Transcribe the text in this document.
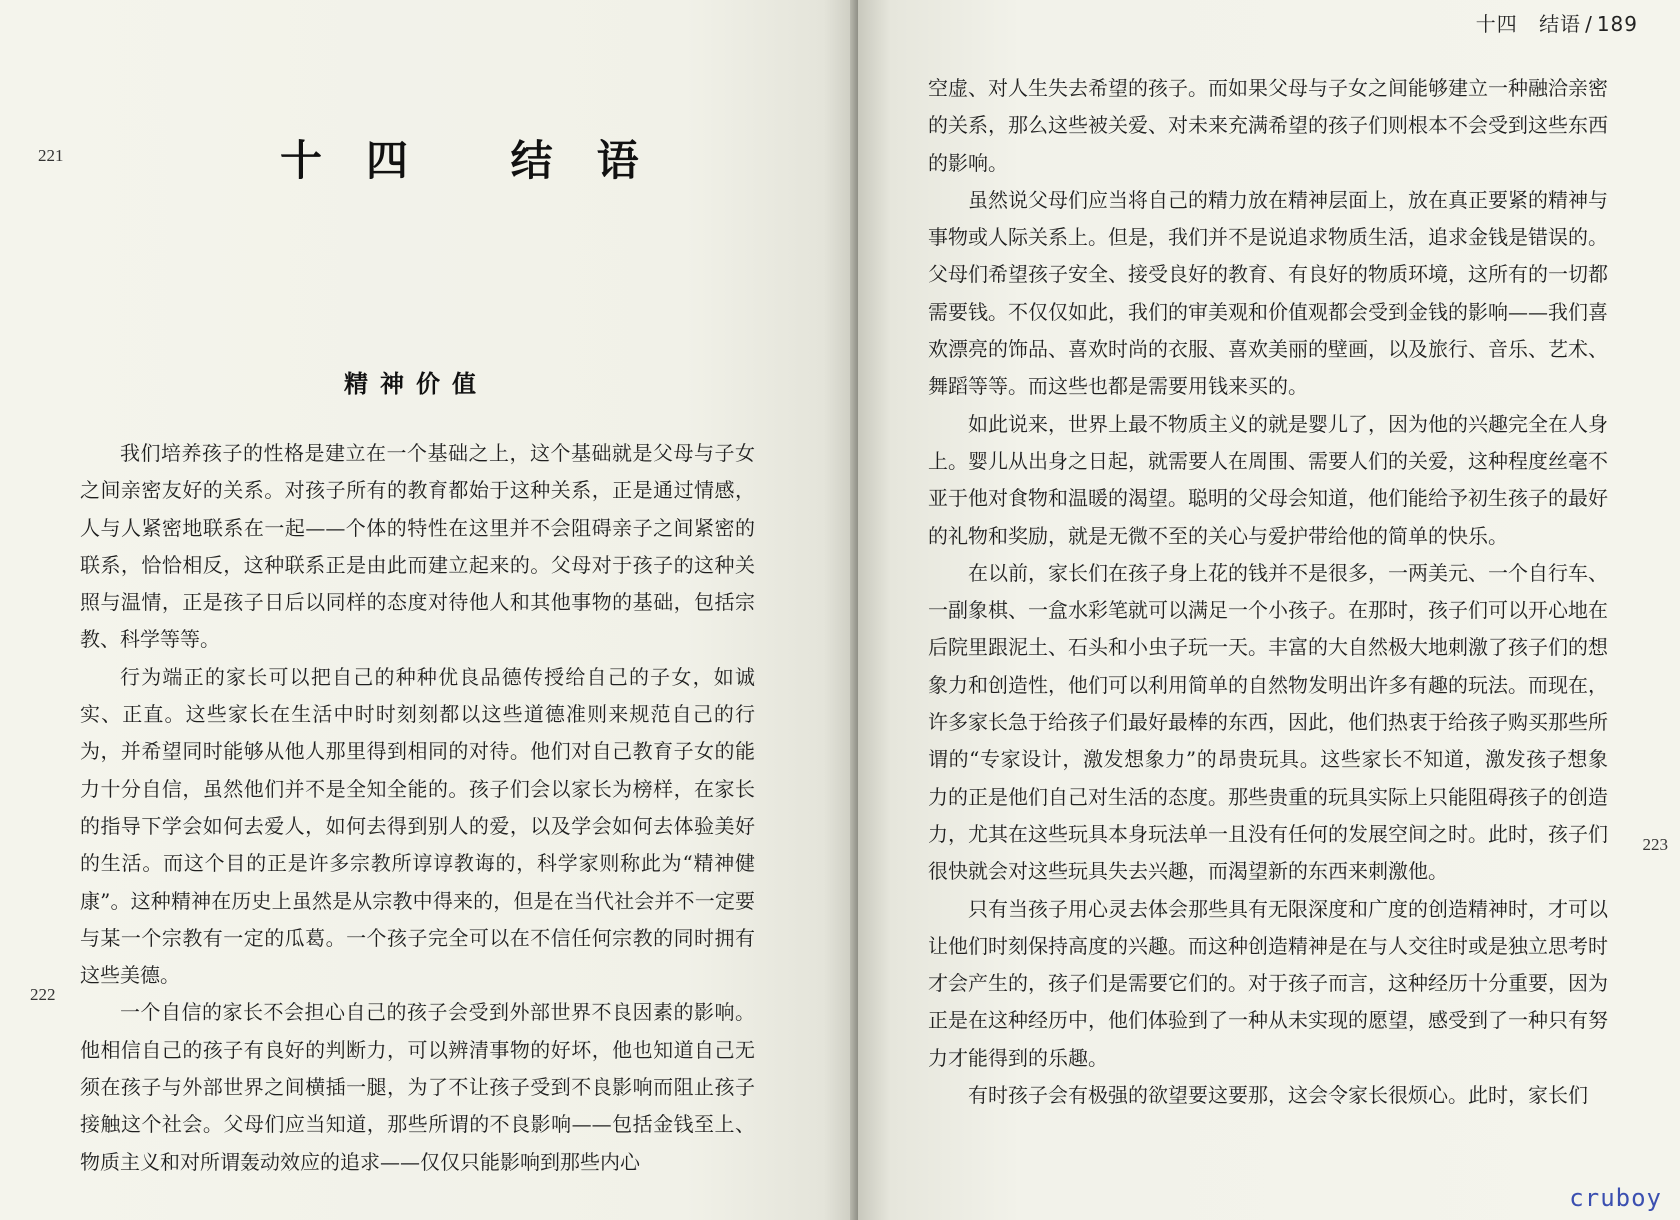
221	十四 结语
精神价值
222

我们培养孩子的性格是建立在一个基础之上，这个基础就是父母与子女之间亲密友好的关系。对孩子所有的教育都始于这种关系，正是通过情感，人与人紧密地联系在一起——个体的特性在这里并不会阻碍亲子之间紧密的联系，恰恰相反，这种联系正是由此而建立起来的。父母对于孩子的这种关照与温情，正是孩子日后以同样的态度对待他人和其他事物的基础，包括宗教、科学等等。

行为端正的家长可以把自己的种种优良品德传授给自己的子女，如诚实、正直。这些家长在生活中时时刻刻都以这些道德准则来规范自己的行为，并希望同时能够从他人那里得到相同的对待。他们对自己教育子女的能力十分自信，虽然他们并不是全知全能的。孩子们会以家长为榜样，在家长的指导下学会如何去爱人，如何去得到别人的爱，以及学会如何去体验美好的生活。而这个目的正是许多宗教所谆谆教诲的，科学家则称此为“精神健康”。这种精神在历史上虽然是从宗教中得来的，但是在当代社会并不一定要与某一个宗教有一定的瓜葛。一个孩子完全可以在不信任何宗教的同时拥有这些美德。

一个自信的家长不会担心自己的孩子会受到外部世界不良因素的影响。他相信自己的孩子有良好的判断力，可以辨清事物的好坏，他也知道自己无须在孩子与外部世界之间横插一腿，为了不让孩子受到不良影响而阻止孩子接触这个社会。父母们应当知道，那些所谓的不良影响——包括金钱至上、物质主义和对所谓轰动效应的追求——仅仅只能影响到那些内心

十四 结语 / 189
223

空虚、对人生失去希望的孩子。而如果父母与子女之间能够建立一种融洽亲密的关系，那么这些被关爱、对未来充满希望的孩子们则根本不会受到这些东西的影响。

虽然说父母们应当将自己的精力放在精神层面上，放在真正要紧的精神与事物或人际关系上。但是，我们并不是说追求物质生活，追求金钱是错误的。父母们希望孩子安全、接受良好的教育、有良好的物质环境，这所有的一切都需要钱。不仅仅如此，我们的审美观和价值观都会受到金钱的影响——我们喜欢漂亮的饰品、喜欢时尚的衣服、喜欢美丽的壁画，以及旅行、音乐、艺术、舞蹈等等。而这些也都是需要用钱来买的。

如此说来，世界上最不物质主义的就是婴儿了，因为他的兴趣完全在人身上。婴儿从出身之日起，就需要人在周围、需要人们的关爱，这种程度丝毫不亚于他对食物和温暖的渴望。聪明的父母会知道，他们能给予初生孩子的最好的礼物和奖励，就是无微不至的关心与爱护带给他的简单的快乐。

在以前，家长们在孩子身上花的钱并不是很多，一两美元、一个自行车、一副象棋、一盒水彩笔就可以满足一个小孩子。在那时，孩子们可以开心地在后院里跟泥土、石头和小虫子玩一天。丰富的大自然极大地刺激了孩子们的想象力和创造性，他们可以利用简单的自然物发明出许多有趣的玩法。而现在，许多家长急于给孩子们最好最棒的东西，因此，他们热衷于给孩子购买那些所谓的“专家设计，激发想象力”的昂贵玩具。这些家长不知道，激发孩子想象力的正是他们自己对生活的态度。那些贵重的玩具实际上只能阻碍孩子的创造力，尤其在这些玩具本身玩法单一且没有任何的发展空间之时。此时，孩子们很快就会对这些玩具失去兴趣，而渴望新的东西来刺激他。

只有当孩子用心灵去体会那些具有无限深度和广度的创造精神时，才可以让他们时刻保持高度的兴趣。而这种创造精神是在与人交往时或是独立思考时才会产生的，孩子们是需要它们的。对于孩子而言，这种经历十分重要，因为正是在这种经历中，他们体验到了一种从未实现的愿望，感受到了一种只有努力才能得到的乐趣。

有时孩子会有极强的欲望要这要那，这会令家长很烦心。此时，家长们

cruboy
